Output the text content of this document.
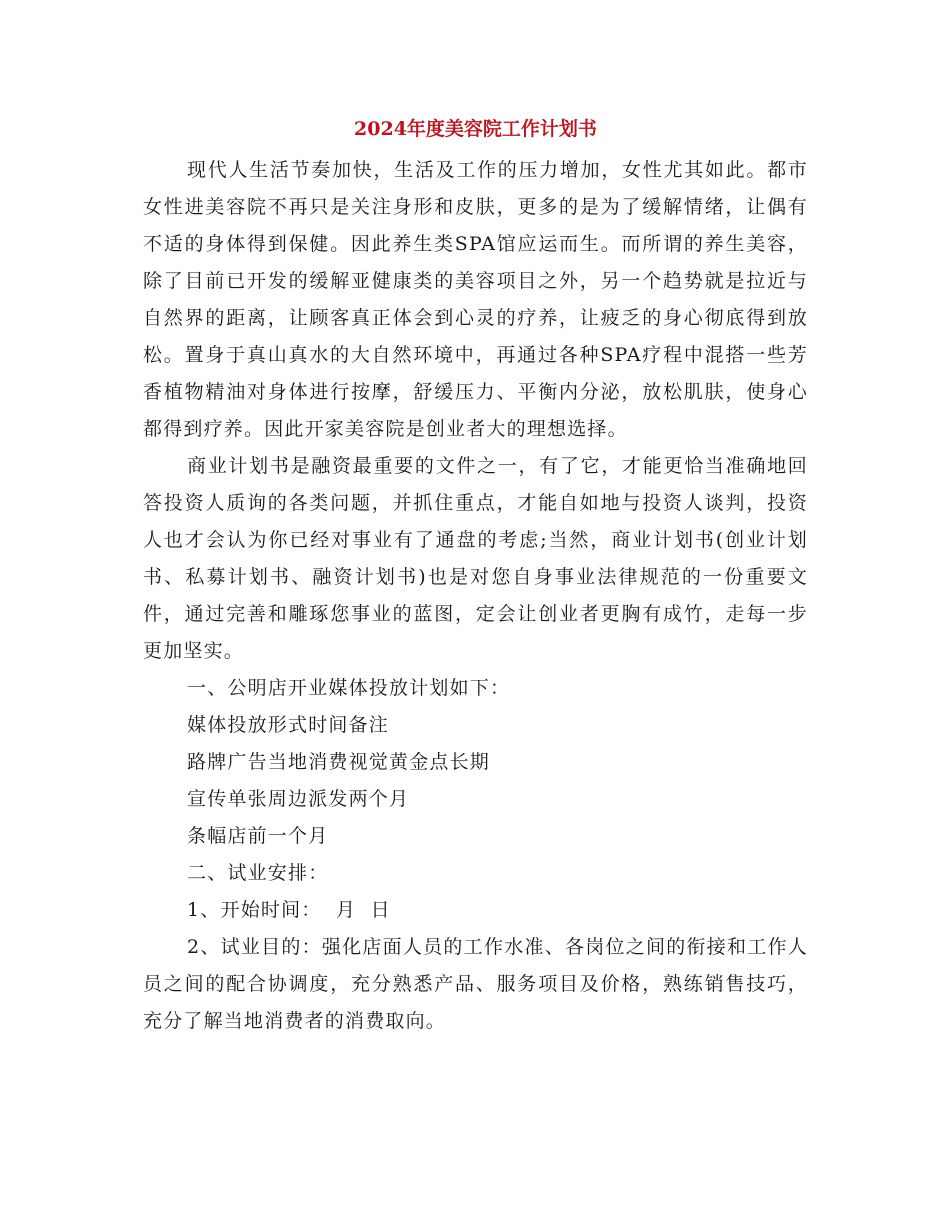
2024年度美容院工作计划书

现代人生活节奏加快，生活及工作的压力增加，女性尤其如此。都市女性进美容院不再只是关注身形和皮肤，更多的是为了缓解情绪，让偶有不适的身体得到保健。因此养生类SPA馆应运而生。而所谓的养生美容，除了目前已开发的缓解亚健康类的美容项目之外，另一个趋势就是拉近与自然界的距离，让顾客真正体会到心灵的疗养，让疲乏的身心彻底得到放松。置身于真山真水的大自然环境中，再通过各种SPA疗程中混搭一些芳香植物精油对身体进行按摩，舒缓压力、平衡内分泌，放松肌肤，使身心都得到疗养。因此开家美容院是创业者大的理想选择。

商业计划书是融资最重要的文件之一，有了它，才能更恰当准确地回答投资人质询的各类问题，并抓住重点，才能自如地与投资人谈判，投资人也才会认为你已经对事业有了通盘的考虑;当然，商业计划书(创业计划书、私募计划书、融资计划书)也是对您自身事业法律规范的一份重要文件，通过完善和雕琢您事业的蓝图，定会让创业者更胸有成竹，走每一步更加坚实。

一、公明店开业媒体投放计划如下：

媒体投放形式时间备注

路牌广告当地消费视觉黄金点长期

宣传单张周边派发两个月

条幅店前一个月

二、试业安排：

1、开始时间：  月  日

2、试业目的：强化店面人员的工作水准、各岗位之间的衔接和工作人员之间的配合协调度，充分熟悉产品、服务项目及价格，熟练销售技巧，充分了解当地消费者的消费取向。
